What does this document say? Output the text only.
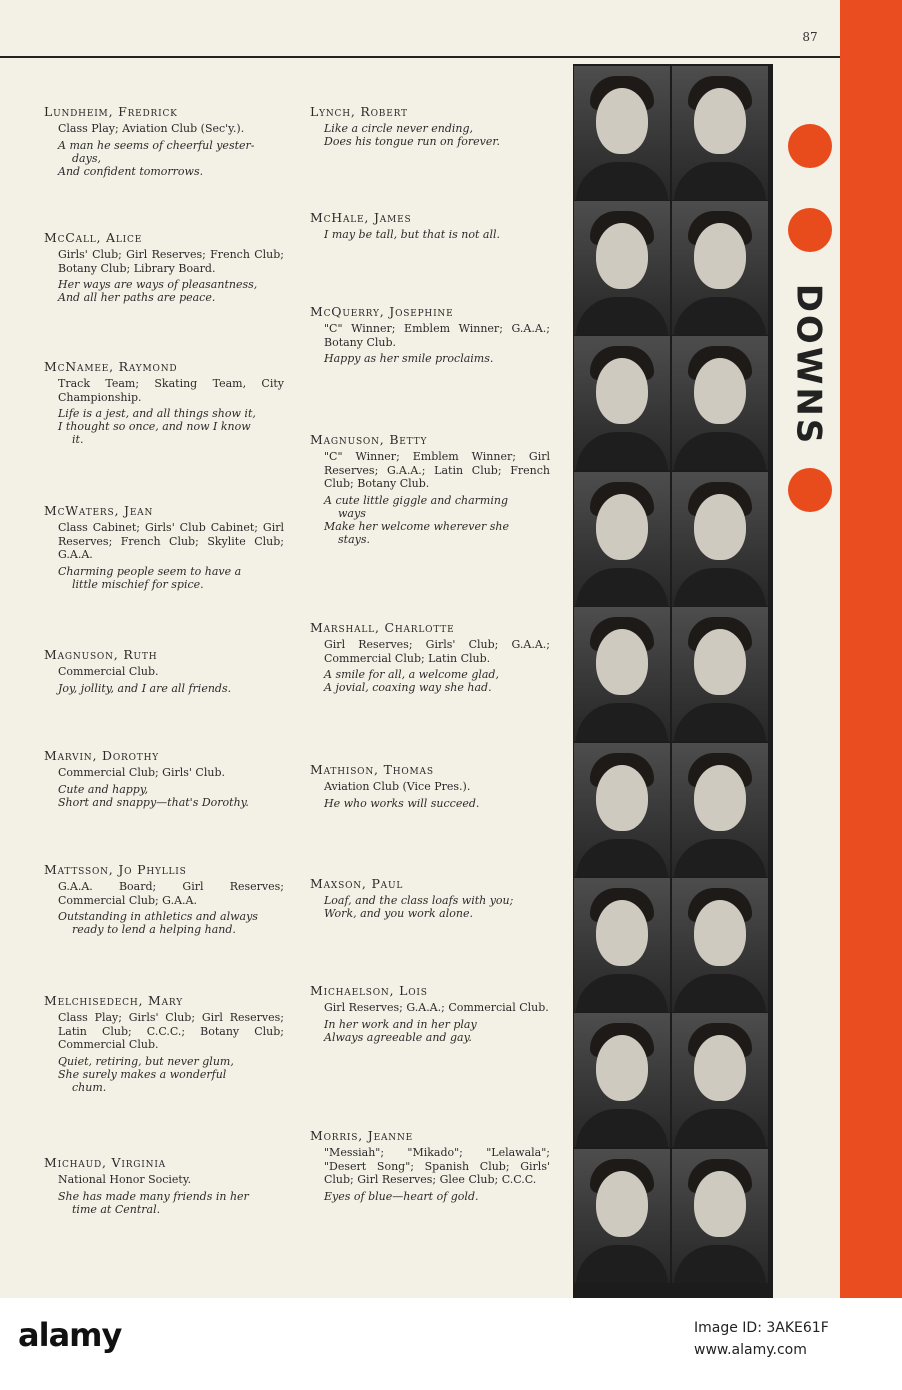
87
Lundheim, Fredrick
Class Play; Aviation Club (Sec'y.).
A man he seems of cheerful yester-
days,
And confident tomorrows.
McCall, Alice
Girls' Club; Girl Reserves; French Club; Botany Club; Library Board.
Her ways are ways of pleasantness,
And all her paths are peace.
McNamee, Raymond
Track Team; Skating Team, City Championship.
Life is a jest, and all things show it,
I thought so once, and now I know
it.
McWaters, Jean
Class Cabinet; Girls' Club Cabinet; Girl Reserves; French Club; Skylite Club; G.A.A.
Charming people seem to have a
little mischief for spice.
Magnuson, Ruth
Commercial Club.
Joy, jollity, and I are all friends.
Marvin, Dorothy
Commercial Club; Girls' Club.
Cute and happy,
Short and snappy—that's Dorothy.
Mattsson, Jo Phyllis
G.A.A. Board; Girl Reserves; Commercial Club; G.A.A.
Outstanding in athletics and always
ready to lend a helping hand.
Melchisedech, Mary
Class Play; Girls' Club; Girl Reserves; Latin Club; C.C.C.; Botany Club; Commercial Club.
Quiet, retiring, but never glum,
She surely makes a wonderful
chum.
Michaud, Virginia
National Honor Society.
She has made many friends in her
time at Central.
Lynch, Robert
Like a circle never ending,
Does his tongue run on forever.
McHale, James
I may be tall, but that is not all.
McQuerry, Josephine
"C" Winner; Emblem Winner; G.A.A.; Botany Club.
Happy as her smile proclaims.
Magnuson, Betty
"C" Winner; Emblem Winner; Girl Reserves; G.A.A.; Latin Club; French Club; Botany Club.
A cute little giggle and charming
ways
Make her welcome wherever she
stays.
Marshall, Charlotte
Girl Reserves; Girls' Club; G.A.A.; Commercial Club; Latin Club.
A smile for all, a welcome glad,
A jovial, coaxing way she had.
Mathison, Thomas
Aviation Club (Vice Pres.).
He who works will succeed.
Maxson, Paul
Loaf, and the class loafs with you;
Work, and you work alone.
Michaelson, Lois
Girl Reserves; G.A.A.; Commercial Club.
In her work and in her play
Always agreeable and gay.
Morris, Jeanne
"Messiah"; "Mikado"; "Lelawala"; "Desert Song"; Spanish Club; Girls' Club; Girl Reserves; Glee Club; C.C.C.
Eyes of blue—heart of gold.
DOWNS
alamy	Image ID: 3AKE61F
www.alamy.com
